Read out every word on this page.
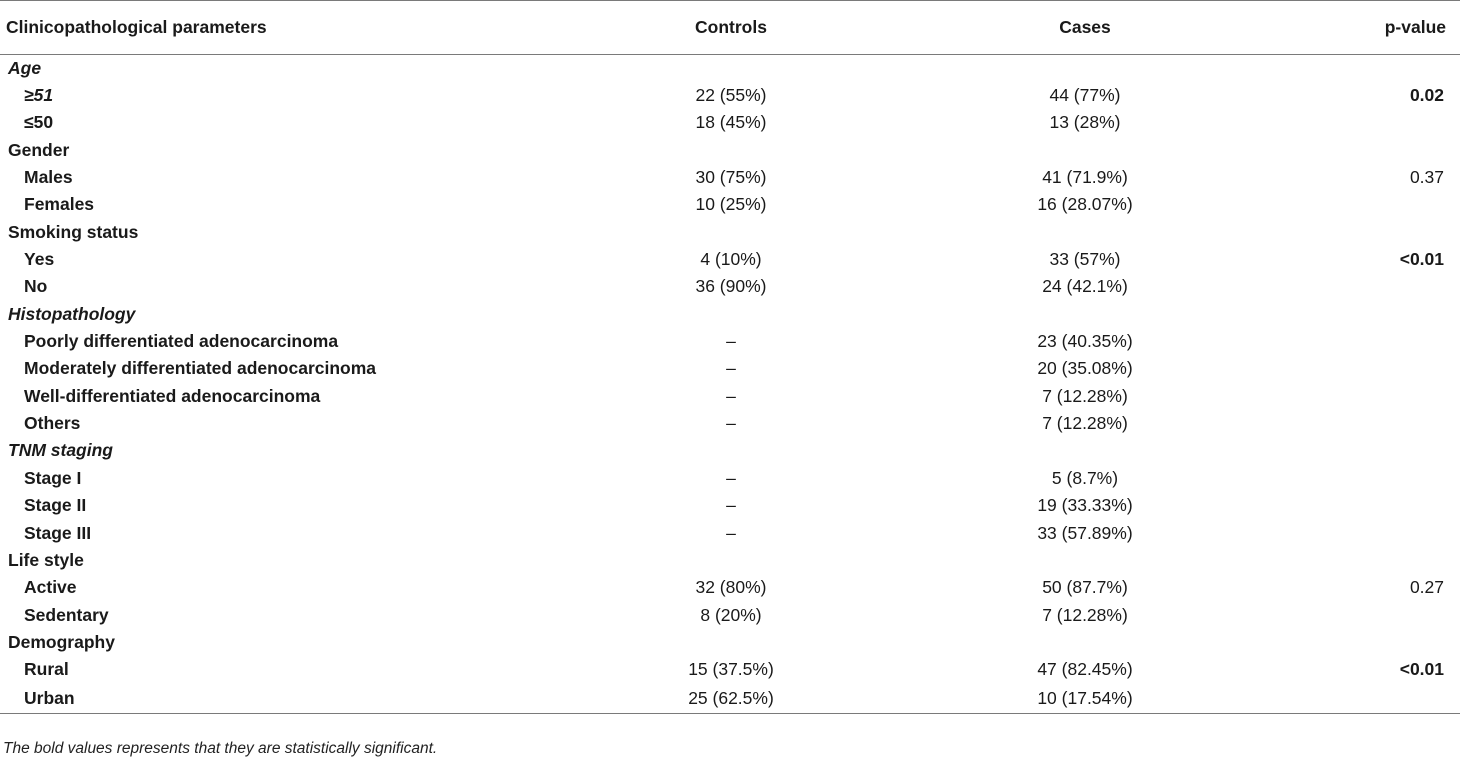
Clinicopathological parameters	Controls	Cases	p-value
Age			
≥51	22 (55%)	44 (77%)	0.02
≤50	18 (45%)	13 (28%)	
Gender			
Males	30 (75%)	41 (71.9%)	0.37
Females	10 (25%)	16 (28.07%)	
Smoking status			
Yes	4 (10%)	33 (57%)	<0.01
No	36 (90%)	24 (42.1%)	
Histopathology			
Poorly differentiated adenocarcinoma	–	23 (40.35%)	
Moderately differentiated adenocarcinoma	–	20 (35.08%)	
Well-differentiated adenocarcinoma	–	7 (12.28%)	
Others	–	7 (12.28%)	
TNM staging			
Stage I	–	5 (8.7%)	
Stage II	–	19 (33.33%)	
Stage III	–	33 (57.89%)	
Life style			
Active	32 (80%)	50 (87.7%)	0.27
Sedentary	8 (20%)	7 (12.28%)	
Demography			
Rural	15 (37.5%)	47 (82.45%)	<0.01
Urban	25 (62.5%)	10 (17.54%)	
The bold values represents that they are statistically significant.
